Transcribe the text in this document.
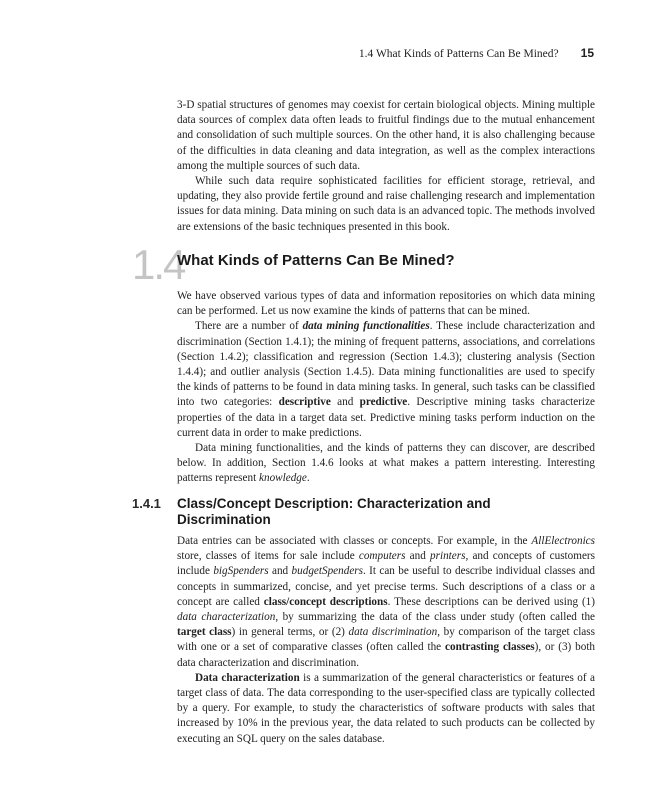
1.4 What Kinds of Patterns Can Be Mined? 15

3-D spatial structures of genomes may coexist for certain biological objects. Mining multiple data sources of complex data often leads to fruitful findings due to the mutual enhancement and consolidation of such multiple sources. On the other hand, it is also challenging because of the difficulties in data cleaning and data integration, as well as the complex interactions among the multiple sources of such data.

While such data require sophisticated facilities for efficient storage, retrieval, and updating, they also provide fertile ground and raise challenging research and implementation issues for data mining. Data mining on such data is an advanced topic. The methods involved are extensions of the basic techniques presented in this book.

1.4
What Kinds of Patterns Can Be Mined?

We have observed various types of data and information repositories on which data mining can be performed. Let us now examine the kinds of patterns that can be mined.

There are a number of data mining functionalities. These include characterization and discrimination (Section 1.4.1); the mining of frequent patterns, associations, and correlations (Section 1.4.2); classification and regression (Section 1.4.3); clustering analysis (Section 1.4.4); and outlier analysis (Section 1.4.5). Data mining functionalities are used to specify the kinds of patterns to be found in data mining tasks. In general, such tasks can be classified into two categories: descriptive and predictive. Descriptive mining tasks characterize properties of the data in a target data set. Predictive mining tasks perform induction on the current data in order to make predictions.

Data mining functionalities, and the kinds of patterns they can discover, are described below. In addition, Section 1.4.6 looks at what makes a pattern interesting. Interesting patterns represent knowledge.

1.4.1 Class/Concept Description: Characterization and Discrimination

Data entries can be associated with classes or concepts. For example, in the AllElectronics store, classes of items for sale include computers and printers, and concepts of customers include bigSpenders and budgetSpenders. It can be useful to describe individual classes and concepts in summarized, concise, and yet precise terms. Such descriptions of a class or a concept are called class/concept descriptions. These descriptions can be derived using (1) data characterization, by summarizing the data of the class under study (often called the target class) in general terms, or (2) data discrimination, by comparison of the target class with one or a set of comparative classes (often called the contrasting classes), or (3) both data characterization and discrimination.

Data characterization is a summarization of the general characteristics or features of a target class of data. The data corresponding to the user-specified class are typically collected by a query. For example, to study the characteristics of software products with sales that increased by 10% in the previous year, the data related to such products can be collected by executing an SQL query on the sales database.
